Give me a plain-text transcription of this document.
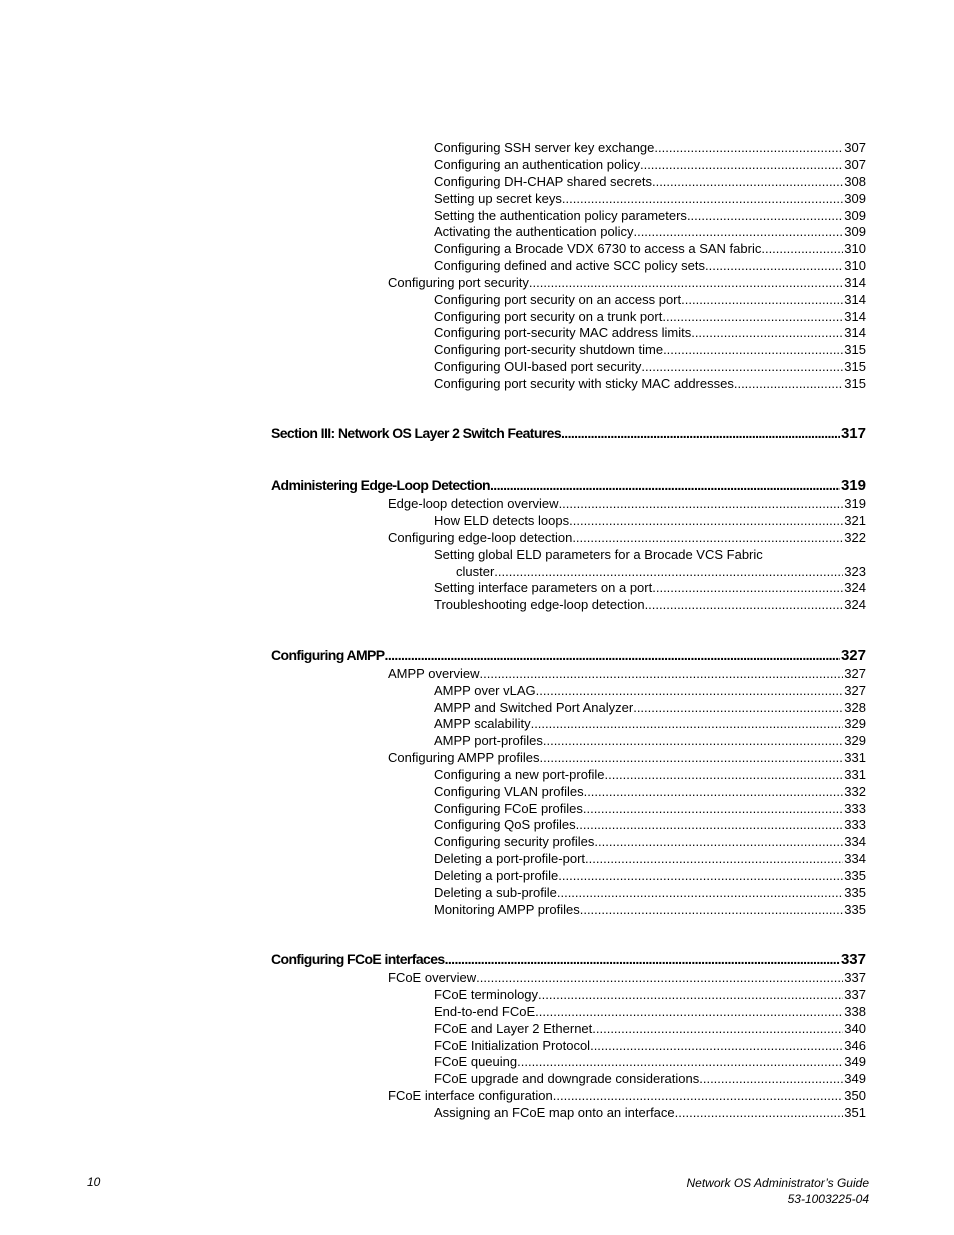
Configuring SSH server key exchange .....	307
Configuring an authentication policy .....	307
Configuring DH-CHAP shared secrets .....	308
Setting up secret keys .....	309
Setting the authentication policy parameters .....	309
Activating the authentication policy .....	309
Configuring a Brocade VDX 6730 to access a SAN fabric .....	310
Configuring defined and active SCC policy sets .....	310
Configuring port security .....	314
Configuring port security on an access port .....	314
Configuring port security on a trunk port .....	314
Configuring port-security MAC address limits .....	314
Configuring port-security shutdown time .....	315
Configuring OUI-based port security .....	315
Configuring port security with sticky MAC addresses .....	315
Section III: Network OS Layer 2 Switch Features .....	317
Administering Edge-Loop Detection .....	319
Edge-loop detection overview .....	319
How ELD detects loops .....	321
Configuring edge-loop detection .....	322
Setting global ELD parameters for a Brocade VCS Fabric
cluster .....	323
Setting interface parameters on a port .....	324
Troubleshooting edge-loop detection .....	324
Configuring AMPP .....	327
AMPP overview .....	327
AMPP over vLAG .....	327
AMPP and Switched Port Analyzer .....	328
AMPP scalability .....	329
AMPP port-profiles .....	329
Configuring AMPP profiles .....	331
Configuring a new port-profile .....	331
Configuring VLAN profiles .....	332
Configuring FCoE profiles .....	333
Configuring QoS profiles .....	333
Configuring security profiles .....	334
Deleting a port-profile-port .....	334
Deleting a port-profile .....	335
Deleting a sub-profile .....	335
Monitoring AMPP profiles .....	335
Configuring FCoE interfaces .....	337
FCoE overview .....	337
FCoE terminology .....	337
End-to-end FCoE .....	338
FCoE and Layer 2 Ethernet .....	340
FCoE Initialization Protocol .....	346
FCoE queuing .....	349
FCoE upgrade and downgrade considerations .....	349
FCoE interface configuration .....	350
Assigning an FCoE map onto an interface .....	351
10	Network OS Administrator’s Guide
53-1003225-04
